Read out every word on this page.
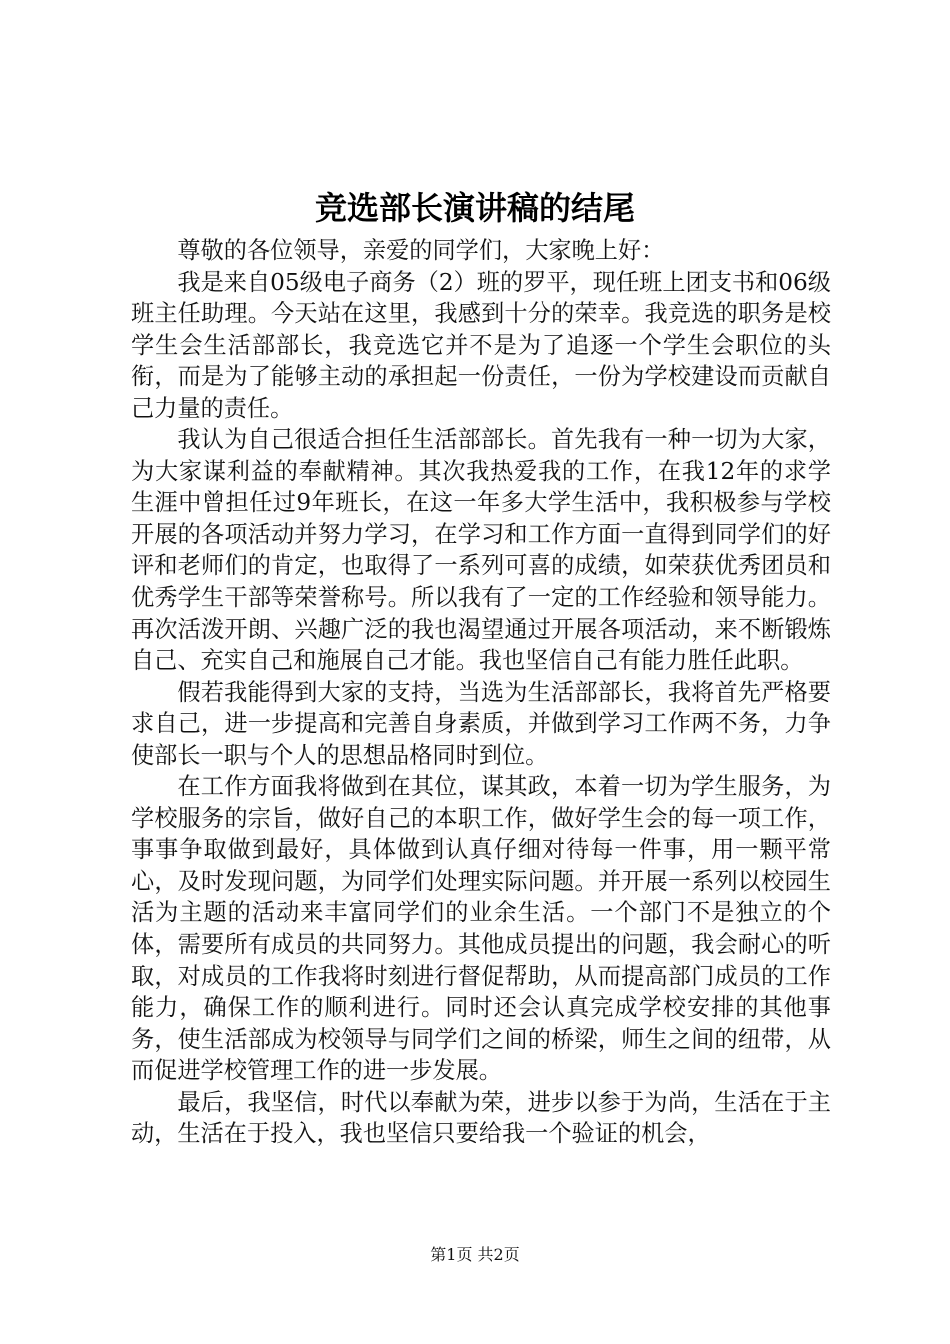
竞选部长演讲稿的结尾

尊敬的各位领导，亲爱的同学们，大家晚上好：

我是来自05级电子商务（2）班的罗平，现任班上团支书和06级班主任助理。今天站在这里，我感到十分的荣幸。我竞选的职务是校学生会生活部部长，我竞选它并不是为了追逐一个学生会职位的头衔，而是为了能够主动的承担起一份责任，一份为学校建设而贡献自己力量的责任。

我认为自己很适合担任生活部部长。首先我有一种一切为大家，为大家谋利益的奉献精神。其次我热爱我的工作，在我12年的求学生涯中曾担任过9年班长，在这一年多大学生活中，我积极参与学校开展的各项活动并努力学习，在学习和工作方面一直得到同学们的好评和老师们的肯定，也取得了一系列可喜的成绩，如荣获优秀团员和优秀学生干部等荣誉称号。所以我有了一定的工作经验和领导能力。再次活泼开朗、兴趣广泛的我也渴望通过开展各项活动，来不断锻炼自己、充实自己和施展自己才能。我也坚信自己有能力胜任此职。

假若我能得到大家的支持，当选为生活部部长，我将首先严格要求自己，进一步提高和完善自身素质，并做到学习工作两不务，力争使部长一职与个人的思想品格同时到位。

在工作方面我将做到在其位，谋其政，本着一切为学生服务，为学校服务的宗旨，做好自己的本职工作，做好学生会的每一项工作，事事争取做到最好，具体做到认真仔细对待每一件事，用一颗平常心，及时发现问题，为同学们处理实际问题。并开展一系列以校园生活为主题的活动来丰富同学们的业余生活。一个部门不是独立的个体，需要所有成员的共同努力。其他成员提出的问题，我会耐心的听取，对成员的工作我将时刻进行督促帮助，从而提高部门成员的工作能力，确保工作的顺利进行。同时还会认真完成学校安排的其他事务，使生活部成为校领导与同学们之间的桥梁，师生之间的纽带，从而促进学校管理工作的进一步发展。

最后，我坚信，时代以奉献为荣，进步以参于为尚，生活在于主动，生活在于投入，我也坚信只要给我一个验证的机会，

第1页 共2页
